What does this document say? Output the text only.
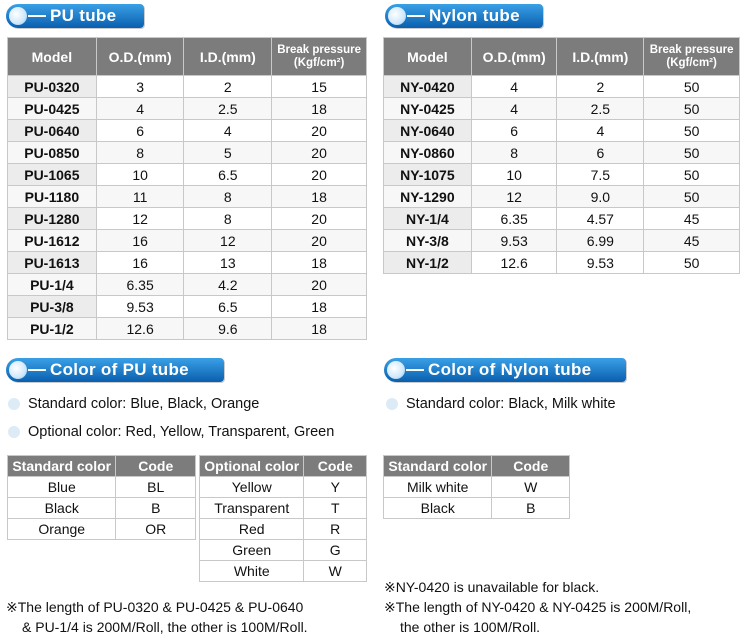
PU tube	Nylon tube
Model	O.D.(mm)	I.D.(mm)	Break pressure
(Kgf/cm²)
PU-0320	3	2	15
PU-0425	4	2.5	18
PU-0640	6	4	20
PU-0850	8	5	20
PU-1065	10	6.5	20
PU-1180	11	8	18
PU-1280	12	8	20
PU-1612	16	12	20
PU-1613	16	13	18
PU-1/4	6.35	4.2	20
PU-3/8	9.53	6.5	18
PU-1/2	12.6	9.6	18
Model	O.D.(mm)	I.D.(mm)	Break pressure
(Kgf/cm²)
NY-0420	4	2	50
NY-0425	4	2.5	50
NY-0640	6	4	50
NY-0860	8	6	50
NY-1075	10	7.5	50
NY-1290	12	9.0	50
NY-1/4	6.35	4.57	45
NY-3/8	9.53	6.99	45
NY-1/2	12.6	9.53	50
Color of PU tube	Color of Nylon tube
Standard color: Blue, Black, Orange
Optional color: Red, Yellow, Transparent, Green
Standard color: Black, Milk white
Standard color	Code
Blue	BL
Black	B
Orange	OR
Optional color	Code
Yellow	Y
Transparent	T
Red	R
Green	G
White	W
Standard color	Code
Milk white	W
Black	B
※The length of PU-0320 & PU-0425 & PU-0640
& PU-1/4 is 200M/Roll, the other is 100M/Roll.
※NY-0420 is unavailable for black.
※The length of NY-0420 & NY-0425 is 200M/Roll,
the other is 100M/Roll.
